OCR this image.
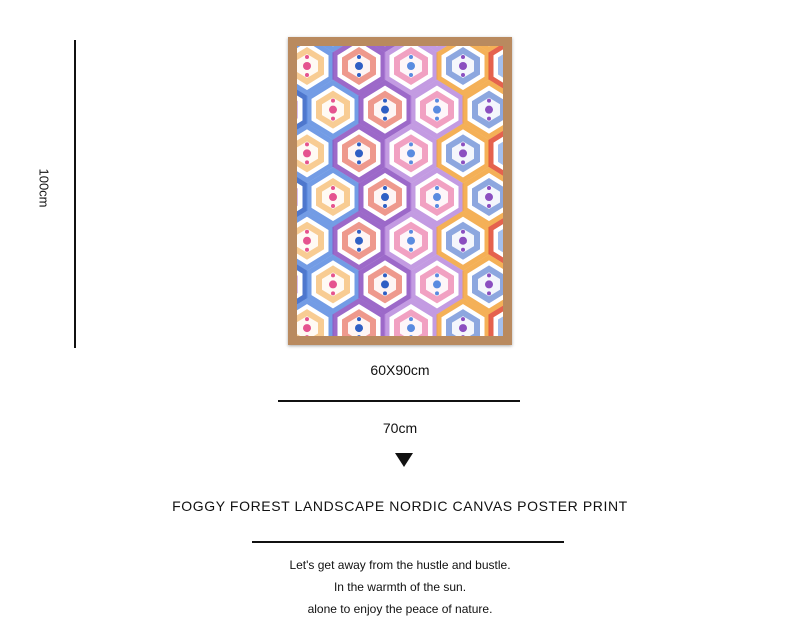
100cm
60X90cm
70cm
FOGGY FOREST LANDSCAPE NORDIC CANVAS POSTER PRINT
Let's get away from the hustle and bustle.
In the warmth of the sun.
alone to enjoy the peace of nature.
